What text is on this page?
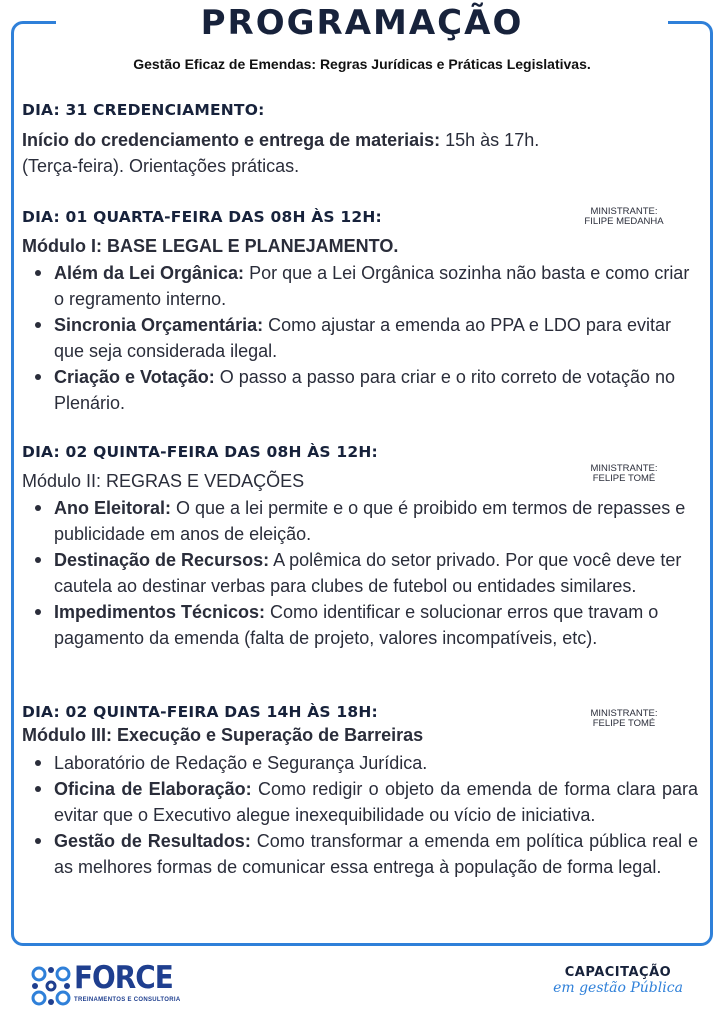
PROGRAMAÇÃO
Gestão Eficaz de Emendas: Regras Jurídicas e Práticas Legislativas.
DIA: 31 CREDENCIAMENTO:
Início do credenciamento e entrega de materiais: 15h às 17h.
(Terça-feira). Orientações práticas.
DIA: 01 QUARTA-FEIRA DAS 08H ÀS 12H:	MINISTRANTE:
FILIPE MEDANHA
Módulo I: BASE LEGAL E PLANEJAMENTO.
Além da Lei Orgânica: Por que a Lei Orgânica sozinha não basta e como criar o regramento interno.
Sincronia Orçamentária: Como ajustar a emenda ao PPA e LDO para evitar que seja considerada ilegal.
Criação e Votação: O passo a passo para criar e o rito correto de votação no Plenário.
DIA: 02 QUINTA-FEIRA DAS 08H ÀS 12H:
MINISTRANTE:
FELIPE TOMÉ
Módulo II: REGRAS E VEDAÇÕES
Ano Eleitoral: O que a lei permite e o que é proibido em termos de repasses e publicidade em anos de eleição.
Destinação de Recursos: A polêmica do setor privado. Por que você deve ter cautela ao destinar verbas para clubes de futebol ou entidades similares.
Impedimentos Técnicos: Como identificar e solucionar erros que travam o pagamento da emenda (falta de projeto, valores incompatíveis, etc).
DIA: 02 QUINTA-FEIRA DAS 14H ÀS 18H:	MINISTRANTE:
FELIPE TOMÉ
Módulo III: Execução e Superação de Barreiras
Laboratório de Redação e Segurança Jurídica.
Oficina de Elaboração: Como redigir o objeto da emenda de forma clara para evitar que o Executivo alegue inexequibilidade ou vício de iniciativa.
Gestão de Resultados: Como transformar a emenda em política pública real e as melhores formas de comunicar essa entrega à população de forma legal.
FORCE
TREINAMENTOS E CONSULTORIA
CAPACITAÇÃO
em gestão Pública
